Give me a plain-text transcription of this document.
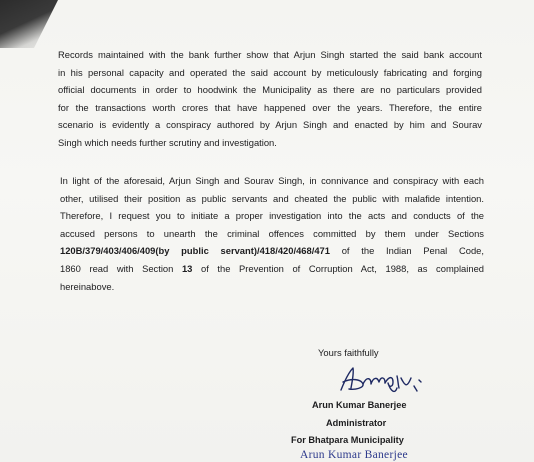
Records maintained with the bank further show that Arjun Singh started the said bank account
in his personal capacity and operated the said account by meticulously fabricating and forging
official documents in order to hoodwink the Municipality as there are no particulars provided
for the transactions worth crores that have happened over the years. Therefore, the entire
scenario is evidently a conspiracy authored by Arjun Singh and enacted by him and Sourav
Singh which needs further scrutiny and investigation.

In light of the aforesaid, Arjun Singh and Sourav Singh, in connivance and conspiracy with each
other, utilised their position as public servants and cheated the public with malafide intention.
Therefore, I request you to initiate a proper investigation into the acts and conducts of the
accused persons to unearth the criminal offences committed by them under Sections
120B/379/403/406/409(by public servant)/418/420/468/471 of the Indian Penal Code,
1860 read with Section 13 of the Prevention of Corruption Act, 1988, as complained
hereinabove.

Yours faithfully

Arun Kumar Banerjee

Administrator

For Bhatpara Municipality

Arun Kumar Banerjee
